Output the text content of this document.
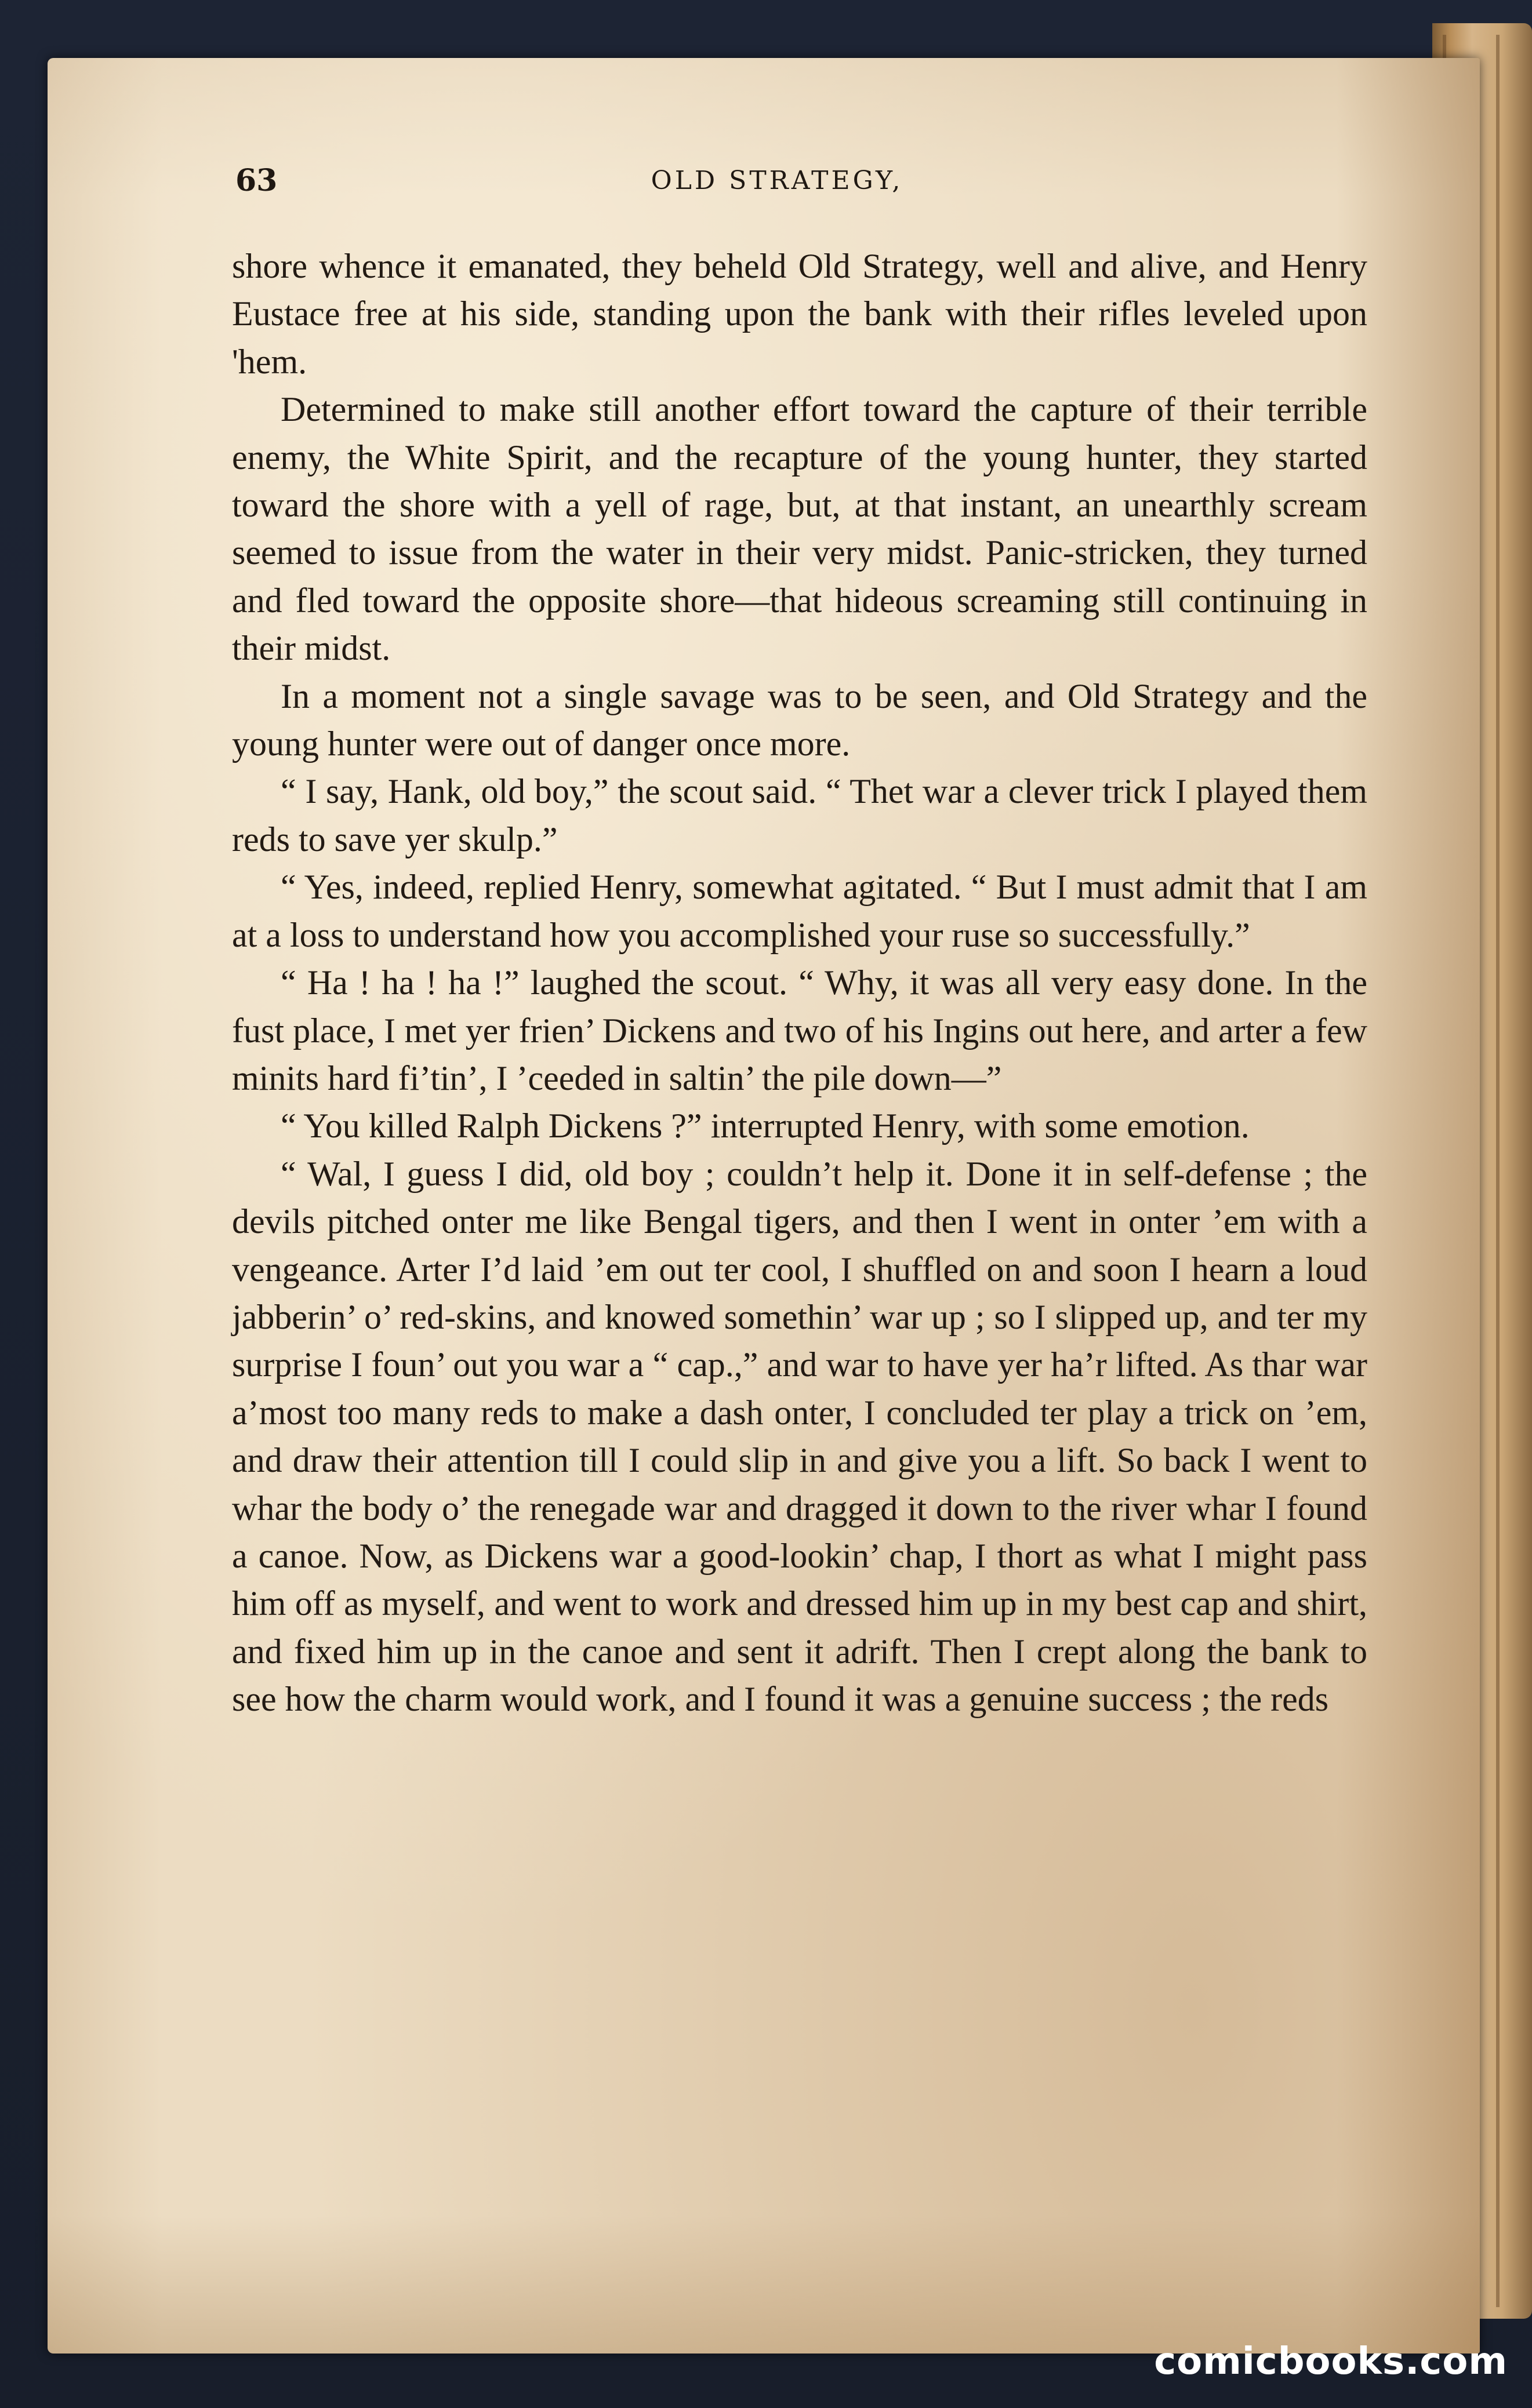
63	OLD STRATEGY,

shore whence it emanated, they beheld Old Strategy, well and alive, and Henry Eustace free at his side, standing upon the bank with their rifles leveled upon 'hem.

Determined to make still another effort toward the capture of their terrible enemy, the White Spirit, and the recapture of the young hunter, they started toward the shore with a yell of rage, but, at that instant, an unearthly scream seemed to issue from the water in their very midst. Panic-stricken, they turned and fled toward the opposite shore—that hideous screaming still continuing in their midst.

In a moment not a single savage was to be seen, and Old Strategy and the young hunter were out of danger once more.

“ I say, Hank, old boy,” the scout said. “ Thet war a clever trick I played them reds to save yer skulp.”

“ Yes, indeed, replied Henry, somewhat agitated. “ But I must admit that I am at a loss to understand how you accomplished your ruse so successfully.”

“ Ha ! ha ! ha !” laughed the scout. “ Why, it was all very easy done. In the fust place, I met yer frien’ Dickens and two of his Ingins out here, and arter a few minits hard fi’tin’, I ’ceeded in saltin’ the pile down—”

“ You killed Ralph Dickens ?” interrupted Henry, with some emotion.

“ Wal, I guess I did, old boy ; couldn’t help it. Done it in self-defense ; the devils pitched onter me like Bengal tigers, and then I went in onter ’em with a vengeance. Arter I’d laid ’em out ter cool, I shuffled on and soon I hearn a loud jabberin’ o’ red-skins, and knowed somethin’ war up ; so I slipped up, and ter my surprise I foun’ out you war a “ cap.,” and war to have yer ha’r lifted. As thar war a’most too many reds to make a dash onter, I concluded ter play a trick on ’em, and draw their attention till I could slip in and give you a lift. So back I went to whar the body o’ the renegade war and dragged it down to the river whar I found a canoe. Now, as Dickens war a good-lookin’ chap, I thort as what I might pass him off as myself, and went to work and dressed him up in my best cap and shirt, and fixed him up in the canoe and sent it adrift. Then I crept along the bank to see how the charm would work, and I found it was a genuine success ; the reds

comicbooks.com
